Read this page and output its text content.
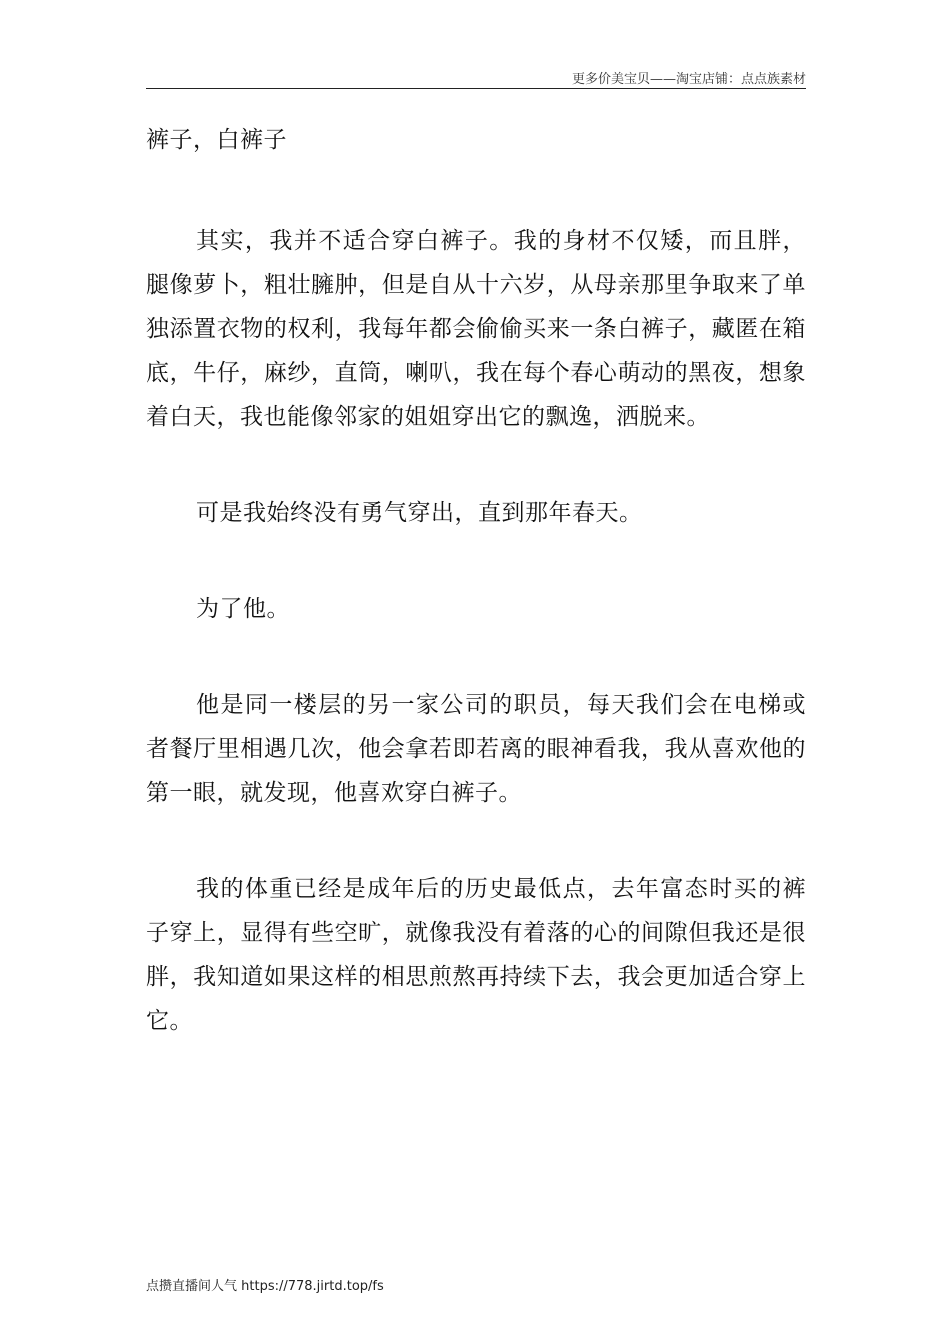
更多价美宝贝——淘宝店铺：点点族素材

裤子，白裤子

其实，我并不适合穿白裤子。我的身材不仅矮，而且胖，腿像萝卜，粗壮臃肿，但是自从十六岁，从母亲那里争取来了单独添置衣物的权利，我每年都会偷偷买来一条白裤子，藏匿在箱底，牛仔，麻纱，直筒，喇叭，我在每个春心萌动的黑夜，想象着白天，我也能像邻家的姐姐穿出它的飘逸，洒脱来。

可是我始终没有勇气穿出，直到那年春天。

为了他。

他是同一楼层的另一家公司的职员，每天我们会在电梯或者餐厅里相遇几次，他会拿若即若离的眼神看我，我从喜欢他的第一眼，就发现，他喜欢穿白裤子。

我的体重已经是成年后的历史最低点，去年富态时买的裤子穿上，显得有些空旷，就像我没有着落的心的间隙但我还是很胖，我知道如果这样的相思煎熬再持续下去，我会更加适合穿上它。

点攒直播间人气 https://778.jirtd.top/fs
